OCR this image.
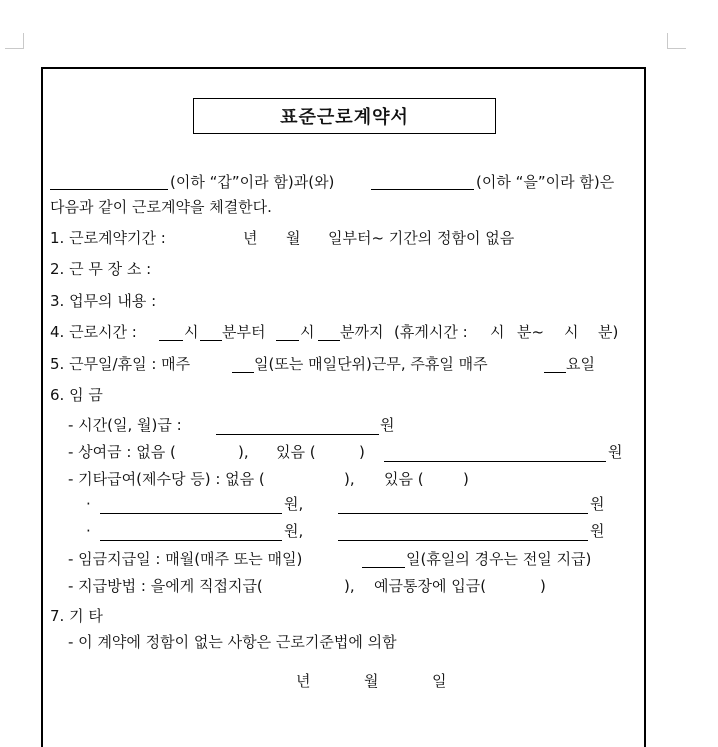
표준근로계약서
(이하 “갑”이라 함)과(와)	(이하 “을”이라 함)은
다음과 같이 근로계약을 체결한다.
1. 근로계약기간 :	년 월 일부터~ 기간의 정함이 없음
2. 근 무 장 소 :
3. 업무의 내용 :
4. 근로시간 :	시 분부터 시 분까지 (휴게시간 : 시 분~ 시 분)
5. 근무일/휴일 : 매주	일(또는 매일단위)근무, 주휴일 매주	요일
6. 임 금
- 시간(일, 월)급 :	원
- 상여금 : 없음 (	), 있음 (	)	원
- 기타급여(제수당 등) : 없음 (	), 있음 (	)
·	원,	원
·	원,	원
- 임금지급일 : 매월(매주 또는 매일)	일(휴일의 경우는 전일 지급)
- 지급방법 : 을에게 직접지급(	), 예금통장에 입금(	)
7. 기 타
- 이 계약에 정함이 없는 사항은 근로기준법에 의함
년	월	일
